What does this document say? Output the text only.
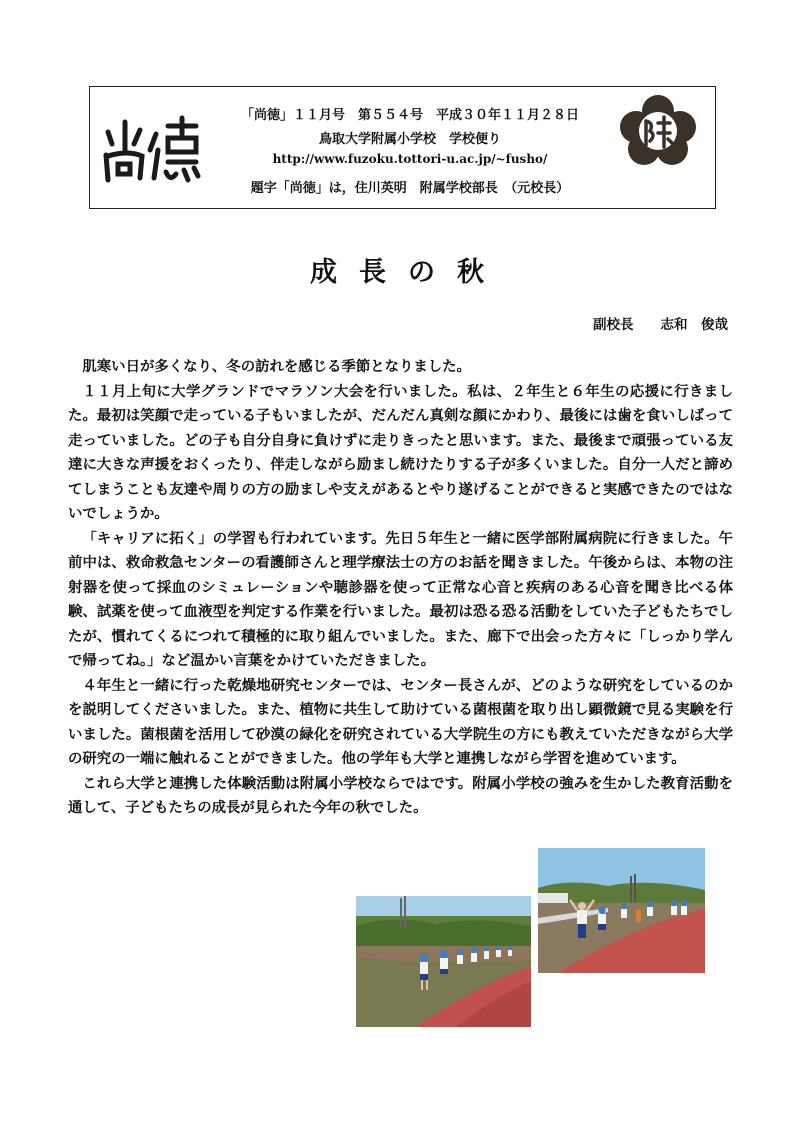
「尚徳」１１月号　第５５４号　平成３０年１１月２８日
鳥取大学附属小学校　学校便り
http://www.fuzoku.tottori-u.ac.jp/~fusho/
題字「尚徳」は，住川英明　附属学校部長　（元校長）
成長の秋
副校長　　志和　俊哉

肌寒い日が多くなり、冬の訪れを感じる季節となりました。

１１月上旬に大学グランドでマラソン大会を行いました。私は、２年生と６年生の応援に行きました。最初は笑顔で走っている子もいましたが、だんだん真剣な顔にかわり、最後には歯を食いしばって走っていました。どの子も自分自身に負けずに走りきったと思います。また、最後まで頑張っている友達に大きな声援をおくったり、伴走しながら励まし続けたりする子が多くいました。自分一人だと諦めてしまうことも友達や周りの方の励ましや支えがあるとやり遂げることができると実感できたのではないでしょうか。

「キャリアに拓く」の学習も行われています。先日５年生と一緒に医学部附属病院に行きました。午前中は、救命救急センターの看護師さんと理学療法士の方のお話を聞きました。午後からは、本物の注射器を使って採血のシミュレーションや聴診器を使って正常な心音と疾病のある心音を聞き比べる体験、試薬を使って血液型を判定する作業を行いました。最初は恐る恐る活動をしていた子どもたちでしたが、慣れてくるにつれて積極的に取り組んでいました。また、廊下で出会った方々に「しっかり学んで帰ってね。」など温かい言葉をかけていただきました。

４年生と一緒に行った乾燥地研究センターでは、センター長さんが、どのような研究をしているのかを説明してくださいました。また、植物に共生して助けている菌根菌を取り出し顕微鏡で見る実験を行いました。菌根菌を活用して砂漠の緑化を研究されている大学院生の方にも教えていただきながら大学の研究の一端に触れることができました。他の学年も大学と連携しながら学習を進めています。

これら大学と連携した体験活動は附属小学校ならではです。附属小学校の強みを生かした教育活動を通して、子どもたちの成長が見られた今年の秋でした。
